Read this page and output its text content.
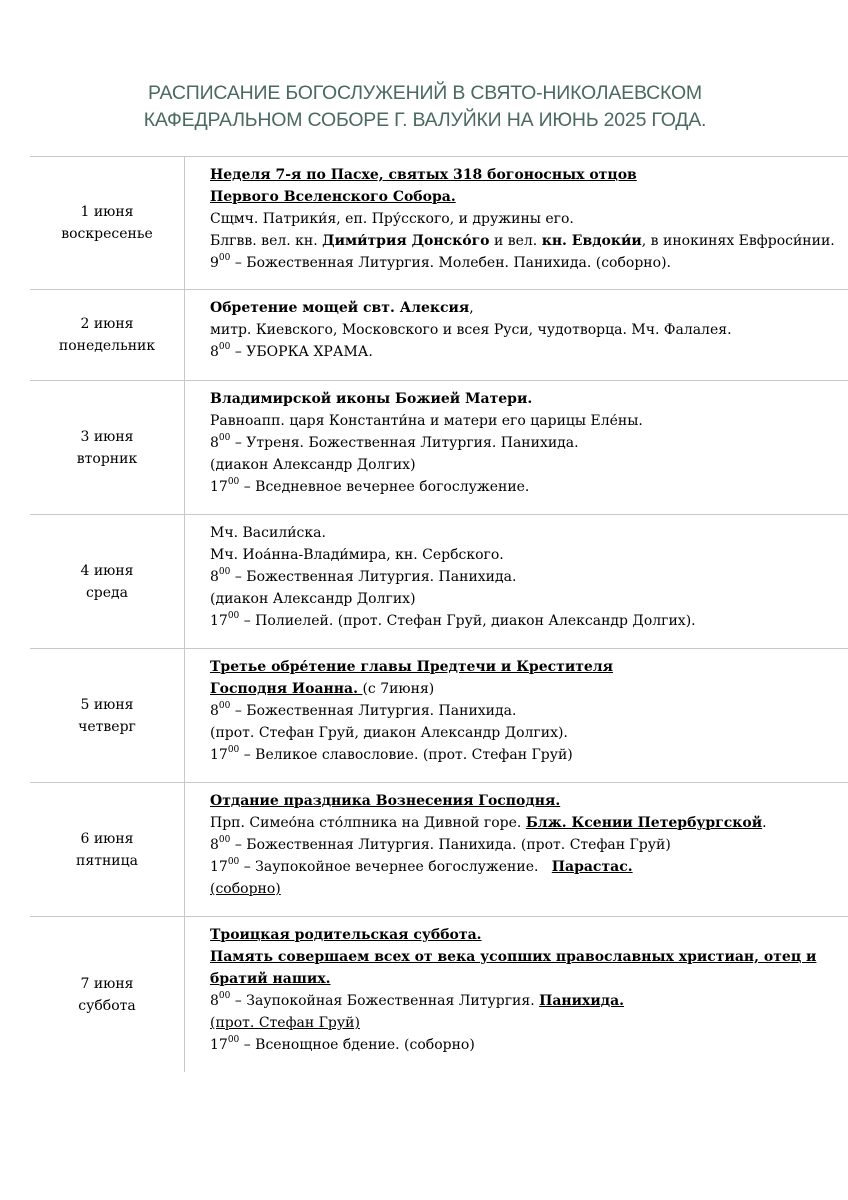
РАСПИСАНИЕ БОГОСЛУЖЕНИЙ В СВЯТО-НИКОЛАЕВСКОМ
КАФЕДРАЛЬНОМ СОБОРЕ Г. ВАЛУЙКИ НА ИЮНЬ 2025 ГОДА.
1 июня
воскресенье
Неделя 7-я по Пасхе, святых 318 богоносных отцов
Первого Вселенского Собора.
Сщмч. Патрики́я, еп. Пру́сского, и дружины его.
Блгвв. вел. кн. Дими́трия Донско́го и вел. кн. Евдоки́и, в инокинях Евфроси́нии.
$9^{00}$ – Божественная Литургия. Молебен. Панихида. (соборно).
2 июня
понедельник
Обретение мощей свт. Алексия,
митр. Киевского, Московского и всея Руси, чудотворца. Мч. Фалалея.
$8^{00}$ – УБОРКА ХРАМА.
3 июня
вторник
Владимирской иконы Божией Матери.
Равноапп. царя Константи́на и матери его царицы Еле́ны.
$8^{00}$ – Утреня. Божественная Литургия. Панихида.
(диакон Александр Долгих)
$17^{00}$ – Вседневное вечернее богослужение.
4 июня
среда
Мч. Васили́ска.
Мч. Иоа́нна-Влади́мира, кн. Сербского.
$8^{00}$ – Божественная Литургия. Панихида.
(диакон Александр Долгих)
$17^{00}$ – Полиелей. (прот. Стефан Груй, диакон Александр Долгих).
5 июня
четверг
Третье обре́тение главы Предтечи и Крестителя
Господня Иоанна. (с 7июня)
$8^{00}$ – Божественная Литургия. Панихида.
(прот. Стефан Груй, диакон Александр Долгих).
$17^{00}$ – Великое славословие. (прот. Стефан Груй)
6 июня
пятница
Отдание праздника Вознесения Господня.
Прп. Симео́на сто́лпника на Дивной горе. Блж. Ксении Петербургской.
$8^{00}$ – Божественная Литургия. Панихида. (прот. Стефан Груй)
$17^{00}$ – Заупокойное вечернее богослужение.   Парастас.
(соборно)
7 июня
суббота
Троицкая родительская суббота.
Память совершаем всех от века усопших православных христиан, отец и
братий наших.
$8^{00}$ – Заупокойная Божественная Литургия. Панихида.
(прот. Стефан Груй)
$17^{00}$ – Всенощное бдение. (соборно)
